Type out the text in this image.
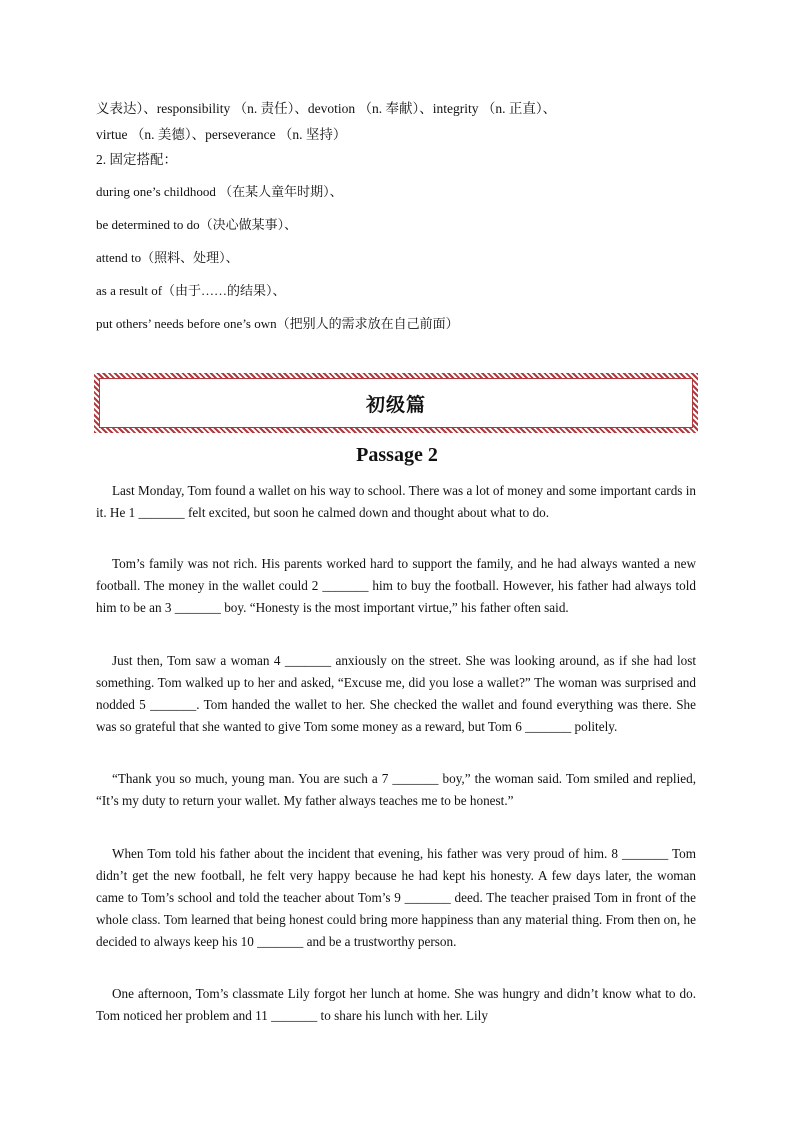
义表达）、responsibility （n. 责任）、devotion （n. 奉献）、integrity （n. 正直）、
virtue （n. 美德）、perseverance （n. 坚持）
2. 固定搭配：
during one’s childhood （在某人童年时期）、
be determined to do（决心做某事）、
attend to（照料、处理）、
as a result of（由于……的结果）、
put others’ needs before one’s own（把别人的需求放在自己前面）
初级篇
Passage 2
Last Monday, Tom found a wallet on his way to school. There was a lot of money and some important cards in it. He 1 _______ felt excited, but soon he calmed down and thought about what to do.
Tom’s family was not rich. His parents worked hard to support the family, and he had always wanted a new football. The money in the wallet could 2 _______ him to buy the football. However, his father had always told him to be an 3 _______ boy. “Honesty is the most important virtue,” his father often said.
Just then, Tom saw a woman 4 _______ anxiously on the street. She was looking around, as if she had lost something. Tom walked up to her and asked, “Excuse me, did you lose a wallet?” The woman was surprised and nodded 5 _______. Tom handed the wallet to her. She checked the wallet and found everything was there. She was so grateful that she wanted to give Tom some money as a reward, but Tom 6 _______ politely.
“Thank you so much, young man. You are such a 7 _______ boy,” the woman said. Tom smiled and replied, “It’s my duty to return your wallet. My father always teaches me to be honest.”
When Tom told his father about the incident that evening, his father was very proud of him. 8 _______ Tom didn’t get the new football, he felt very happy because he had kept his honesty. A few days later, the woman came to Tom’s school and told the teacher about Tom’s 9 _______ deed. The teacher praised Tom in front of the whole class. Tom learned that being honest could bring more happiness than any material thing. From then on, he decided to always keep his 10 _______ and be a trustworthy person.
One afternoon, Tom’s classmate Lily forgot her lunch at home. She was hungry and didn’t know what to do. Tom noticed her problem and 11 _______ to share his lunch with her. Lily
